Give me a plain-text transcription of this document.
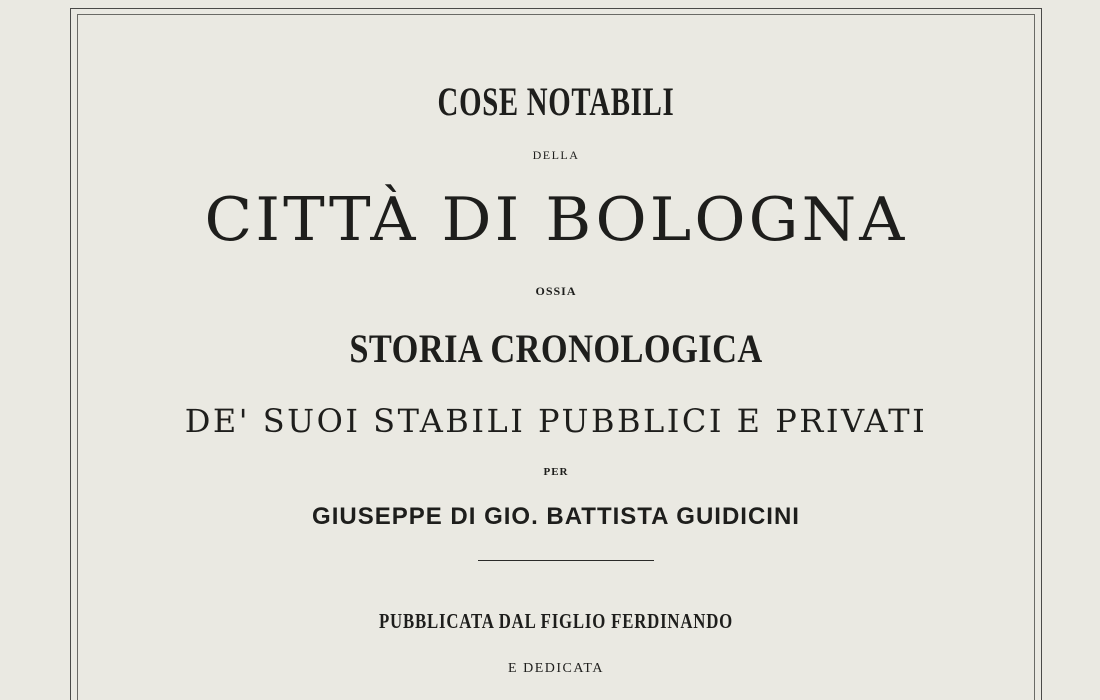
COSE NOTABILI
DELLA
CITTÀ DI BOLOGNA
OSSIA
STORIA CRONOLOGICA
DE' SUOI STABILI PUBBLICI E PRIVATI
PER
GIUSEPPE DI GIO. BATTISTA GUIDICINI
PUBBLICATA DAL FIGLIO FERDINANDO
E DEDICATA
